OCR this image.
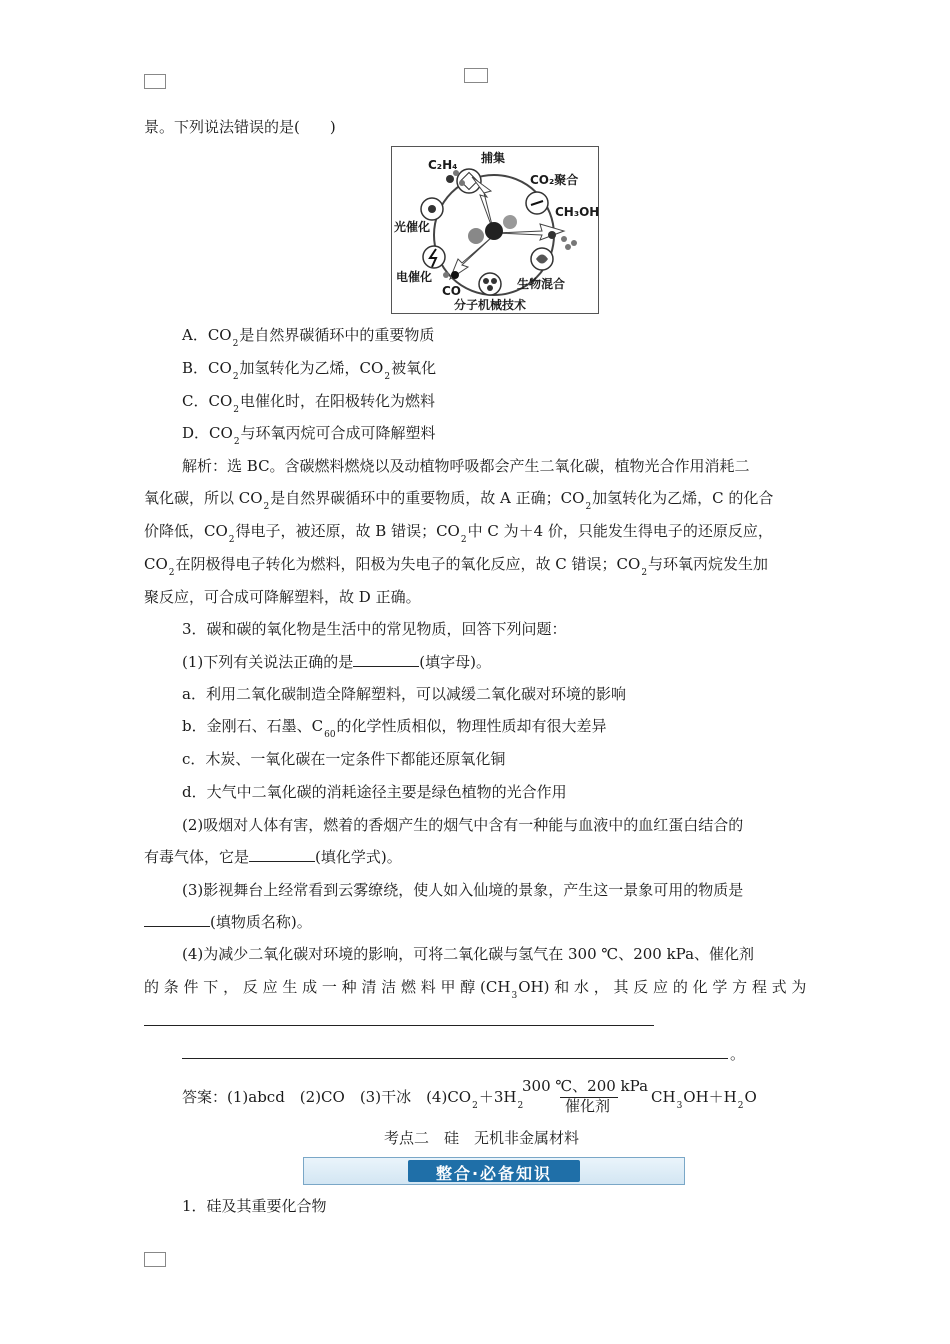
景。下列说法错误的是(　　)
捕集
C₂H₄
CO₂聚合
CH₃OH
光催化
电催化
CO	生物混合
分子机械技术
A．$CO_2$是自然界碳循环中的重要物质
B．$CO_2$加氢转化为乙烯，$CO_2$被氧化
C．$CO_2$电催化时，在阳极转化为燃料
D．$CO_2$与环氧丙烷可合成可降解塑料
解析：选 BC。含碳燃料燃烧以及动植物呼吸都会产生二氧化碳，植物光合作用消耗二
氧化碳，所以 $CO_2$是自然界碳循环中的重要物质，故 A 正确；$CO_2$加氢转化为乙烯，C 的化合
价降低，$CO_2$得电子，被还原，故 B 错误；$CO_2$中 C 为＋4 价，只能发生得电子的还原反应，
$CO_2$在阴极得电子转化为燃料，阳极为失电子的氧化反应，故 C 错误；$CO_2$与环氧丙烷发生加
聚反应，可合成可降解塑料，故 D 正确。
3．碳和碳的氧化物是生活中的常见物质，回答下列问题：
(1)下列有关说法正确的是	(填字母)。
a．利用二氧化碳制造全降解塑料，可以减缓二氧化碳对环境的影响
b．金刚石、石墨、$C_{60}$的化学性质相似，物理性质却有很大差异
c．木炭、一氧化碳在一定条件下都能还原氧化铜
d．大气中二氧化碳的消耗途径主要是绿色植物的光合作用
(2)吸烟对人体有害，燃着的香烟产生的烟气中含有一种能与血液中的血红蛋白结合的
有毒气体，它是	(填化学式)。
(3)影视舞台上经常看到云雾缭绕，使人如入仙境的景象，产生这一景象可用的物质是
(填物质名称)。
(4)为减少二氧化碳对环境的影响，可将二氧化碳与氢气在 300 ℃、200 kPa、催化剂
的 条 件 下 ， 反 应 生 成 一 种 清 洁 燃 料 甲 醇 $(CH_3OH)$ 和 水 ， 其 反 应 的 化 学 方 程 式 为
。
答案：(1)abcd　(2)CO　(3)干冰　$(4)CO_2+3H_2$
300 ℃、200 kPa
催化剂	$CH_3OH+H_2O$
考点二　硅　无机非金属材料
整合·必备知识
1．硅及其重要化合物
